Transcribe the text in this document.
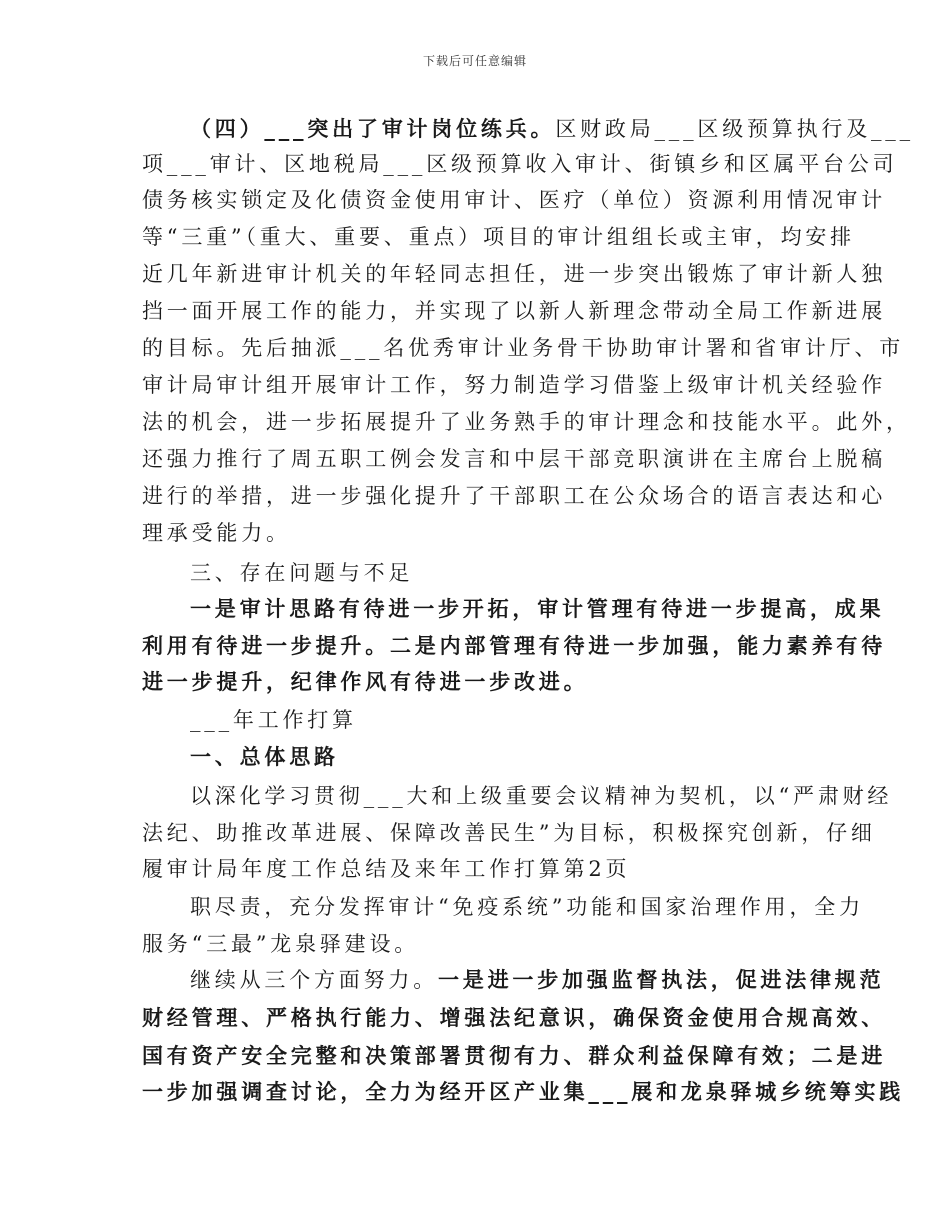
下载后可任意编辑
（四）___突出了审计岗位练兵。区财政局___区级预算执行及___
项___审计、区地税局___区级预算收入审计、街镇乡和区属平台公司
债务核实锁定及化债资金使用审计、医疗（单位）资源利用情况审计
等“三重”（重大、重要、重点）项目的审计组组长或主审，均安排
近几年新进审计机关的年轻同志担任，进一步突出锻炼了审计新人独
挡一面开展工作的能力，并实现了以新人新理念带动全局工作新进展
的目标。先后抽派___名优秀审计业务骨干协助审计署和省审计厅、市
审计局审计组开展审计工作，努力制造学习借鉴上级审计机关经验作
法的机会，进一步拓展提升了业务熟手的审计理念和技能水平。此外，
还强力推行了周五职工例会发言和中层干部竞职演讲在主席台上脱稿
进行的举措，进一步强化提升了干部职工在公众场合的语言表达和心
理承受能力。
三、存在问题与不足
一是审计思路有待进一步开拓，审计管理有待进一步提高，成果
利用有待进一步提升。二是内部管理有待进一步加强，能力素养有待
进一步提升，纪律作风有待进一步改进。
___年工作打算
一、总体思路
以深化学习贯彻___大和上级重要会议精神为契机，以“严肃财经
法纪、助推改革进展、保障改善民生”为目标，积极探究创新，仔细
履审计局年度工作总结及来年工作打算第2页
职尽责，充分发挥审计“免疫系统”功能和国家治理作用，全力
服务“三最”龙泉驿建设。
继续从三个方面努力。一是进一步加强监督执法，促进法律规范
财经管理、严格执行能力、增强法纪意识，确保资金使用合规高效、
国有资产安全完整和决策部署贯彻有力、群众利益保障有效；二是进
一步加强调查讨论，全力为经开区产业集___展和龙泉驿城乡统筹实践
